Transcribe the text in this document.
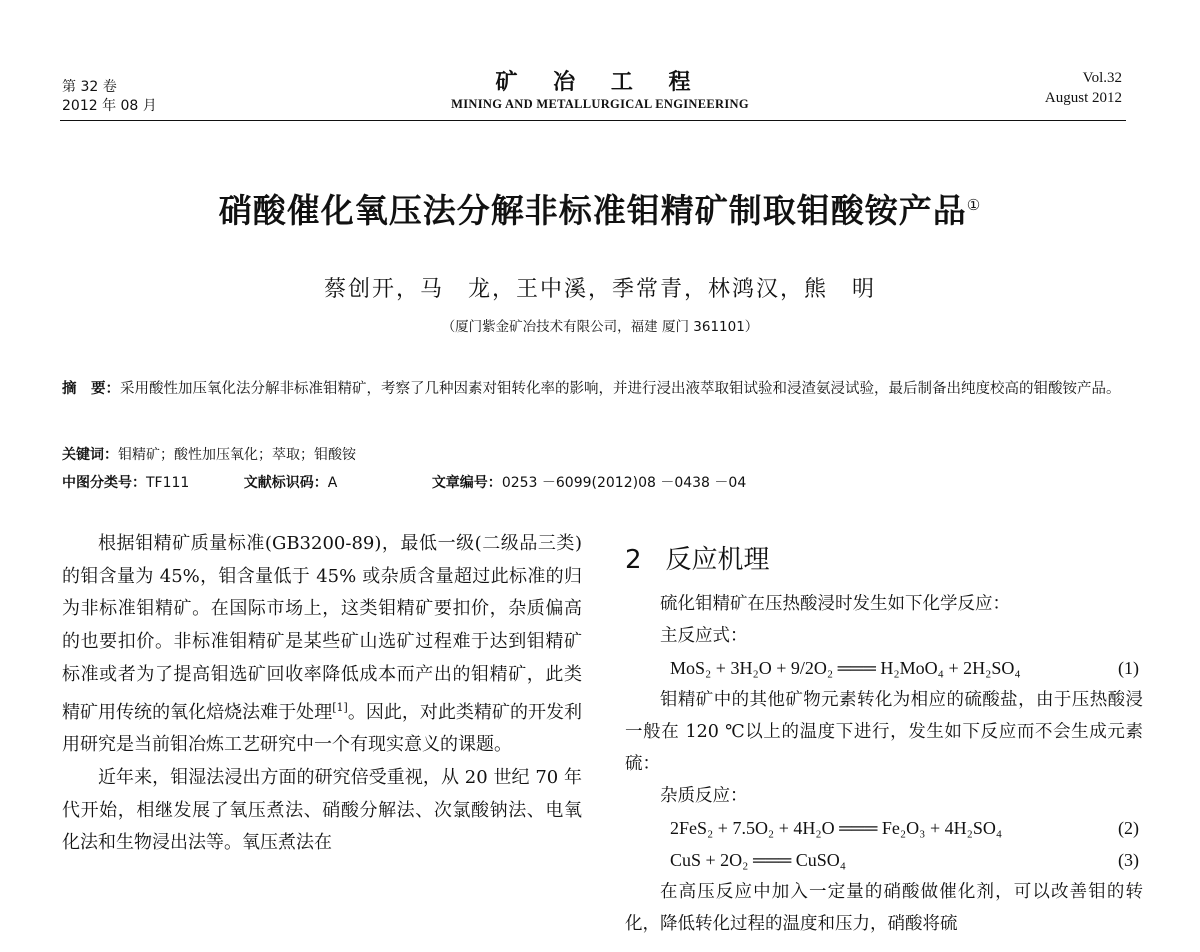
第 32 卷
2012 年 08 月
矿 冶 工 程
MINING AND METALLURGICAL ENGINEERING
Vol.32
August 2012
硝酸催化氧压法分解非标准钼精矿制取钼酸铵产品①
蔡创开，马　龙，王中溪，季常青，林鸿汉，熊　明
（厦门紫金矿冶技术有限公司，福建 厦门 361101）
摘　要：采用酸性加压氧化法分解非标准钼精矿，考察了几种因素对钼转化率的影响，并进行浸出液萃取钼试验和浸渣氨浸试验，最后制备出纯度校高的钼酸铵产品。
关键词：钼精矿；酸性加压氧化；萃取；钼酸铵
中图分类号：TF111	文献标识码：A	文章编号：0253 －6099(2012)08 －0438 －04

根据钼精矿质量标准(GB3200-89)，最低一级(二级品三类)的钼含量为 45%，钼含量低于 45% 或杂质含量超过此标准的归为非标准钼精矿。在国际市场上，这类钼精矿要扣价，杂质偏高的也要扣价。非标准钼精矿是某些矿山选矿过程难于达到钼精矿标准或者为了提高钼选矿回收率降低成本而产出的钼精矿，此类精矿用传统的氧化焙烧法难于处理[1]。因此，对此类精矿的开发利用研究是当前钼冶炼工艺研究中一个有现实意义的课题。

近年来，钼湿法浸出方面的研究倍受重视，从 20 世纪 70 年代开始，相继发展了氧压煮法、硝酸分解法、次氯酸钠法、电氧化法和生物浸出法等。氧压煮法在

2 反应机理

硫化钼精矿在压热酸浸时发生如下化学反应：

主反应式：

MoS₂ + 3H₂O + 9/2O₂ ═══ H₂MoO₄ + 2H₂SO₄	(1)

钼精矿中的其他矿物元素转化为相应的硫酸盐，由于压热酸浸一般在 120 ℃以上的温度下进行，发生如下反应而不会生成元素硫：

杂质反应：

2FeS₂ + 7.5O₂ + 4H₂O ═══ Fe₂O₃ + 4H₂SO₄	(2)
CuS + 2O₂ ═══ CuSO₄	(3)

在高压反应中加入一定量的硝酸做催化剂，可以改善钼的转化，降低转化过程的温度和压力，硝酸将硫
